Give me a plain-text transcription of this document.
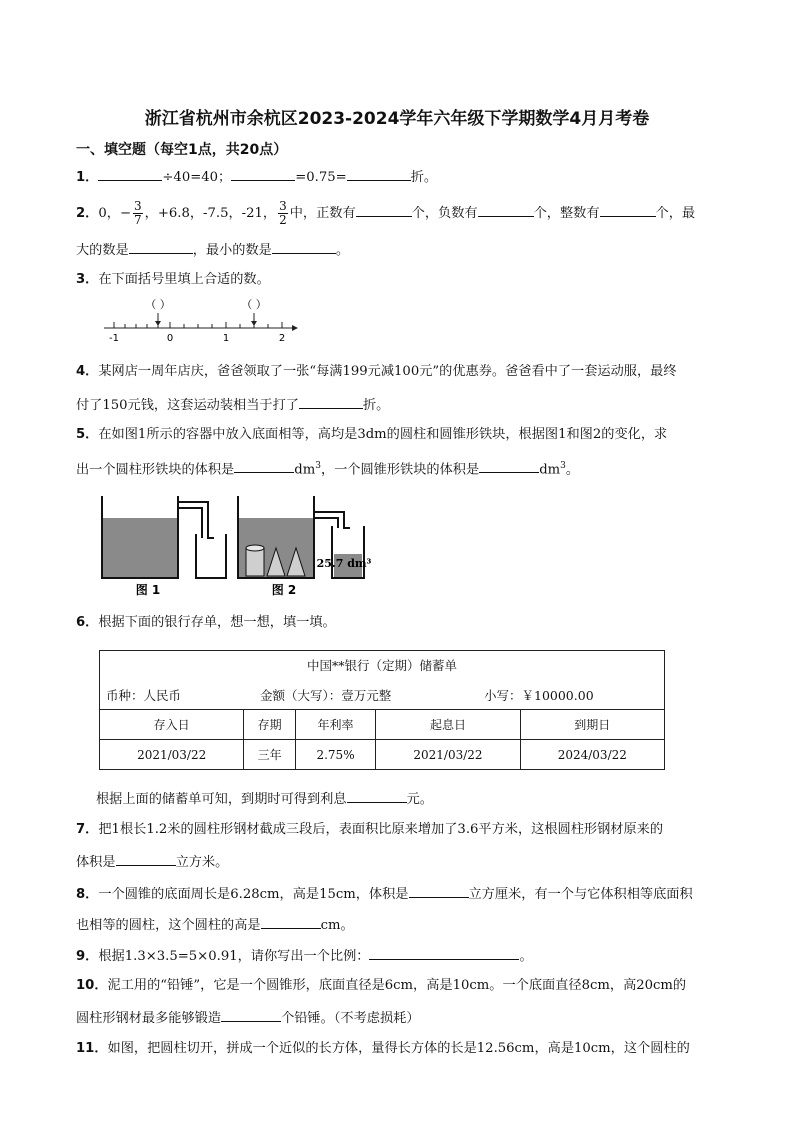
浙江省杭州市余杭区2023-2024学年六年级下学期数学4月月考卷
一、填空题（每空1点，共20点）
1．	÷40=40；	=0.75=	折。
2．0，− $\frac{3}{7}$ ，+6.8，-7.5，-21， $\frac{3}{2}$ 中，正数有	个，负数有	个，整数有	个，最
大的数是	，最小的数是	。
3．在下面括号里填上合适的数。
（ ）	（ ）
-1	0	1	2
4．某网店一周年店庆，爸爸领取了一张“每满199元减100元”的优惠券。爸爸看中了一套运动服，最终
付了150元钱，这套运动装相当于打了	折。
5．在如图1所示的容器中放入底面相等，高均是3dm的圆柱和圆锥形铁块，根据图1和图2的变化，求
出一个圆柱形铁块的体积是	$dm^3$，一个圆锥形铁块的体积是	$dm^3$。
图 1	图 2
25.7 dm³
6．根据下面的银行存单，想一想，填一填。
中国**银行（定期）储蓄单
币种：人民币	金额（大写）：壹万元整	小写：￥10000.00
存入日	存期	年利率	起息日	到期日
2021/03/22	三年	2.75%	2021/03/22	2024/03/22
根据上面的储蓄单可知，到期时可得到利息	元。
7．把1根长1.2米的圆柱形钢材截成三段后，表面积比原来增加了3.6平方米，这根圆柱形钢材原来的
体积是	立方米。
8．一个圆锥的底面周长是6.28cm，高是15cm，体积是	立方厘米，有一个与它体积相等底面积
也相等的圆柱，这个圆柱的高是	cm。
9．根据1.3×3.5=5×0.91，请你写出一个比例：	。
10．泥工用的“铅锤”，它是一个圆锥形，底面直径是6cm，高是10cm。一个底面直径8cm，高20cm的
圆柱形钢材最多能够锻造	个铅锤。（不考虑损耗）
11．如图，把圆柱切开，拼成一个近似的长方体，量得长方体的长是12.56cm，高是10cm，这个圆柱的
